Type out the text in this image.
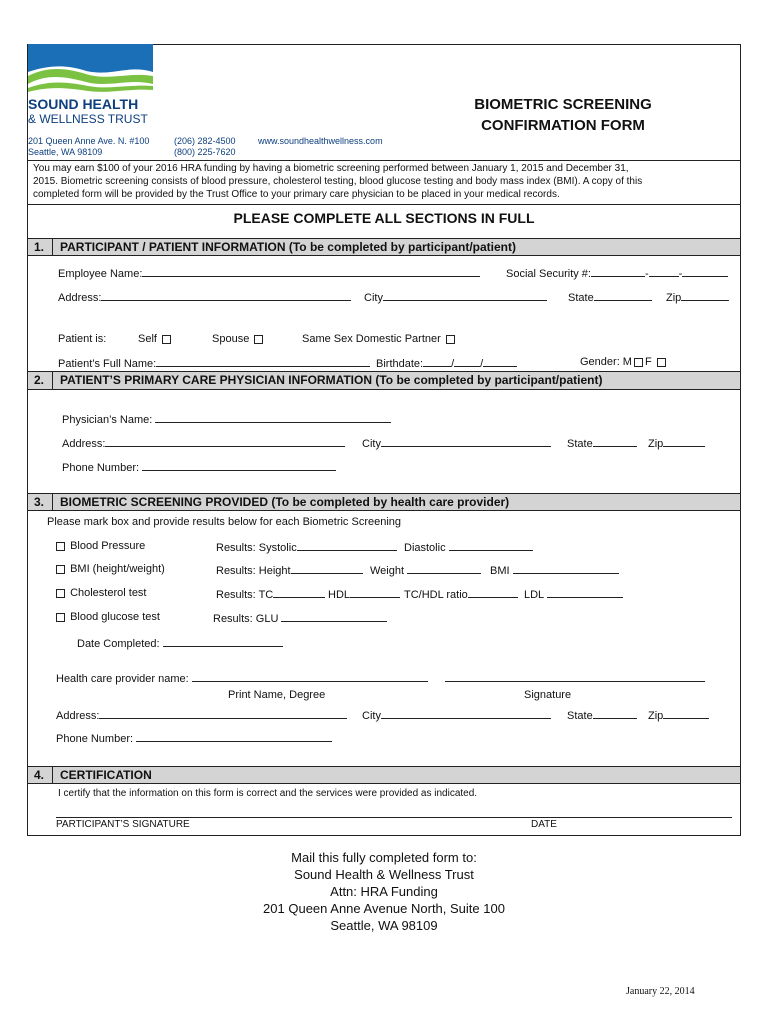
SOUND HEALTH
& WELLNESS TRUST
201 Queen Anne Ave. N. #100
Seattle, WA 98109
(206) 282-4500
(800) 225-7620
www.soundhealthwellness.com
BIOMETRIC SCREENING
CONFIRMATION FORM
You may earn $100 of your 2016 HRA funding by having a biometric screening performed between January 1, 2015 and December 31,
2015. Biometric screening consists of blood pressure, cholesterol testing, blood glucose testing and body mass index (BMI). A copy of this
completed form will be provided by the Trust Office to your primary care physician to be placed in your medical records.
PLEASE COMPLETE ALL SECTIONS IN FULL
1. PARTICIPANT / PATIENT INFORMATION (To be completed by participant/patient)
Employee Name:	Social Security #:	-	-
Address:	City	State	Zip
Patient is:	Self	Spouse	Same Sex Domestic Partner
Patient’s Full Name:	Birthdate:	/ /	Gender: M F
2. PATIENT’S PRIMARY CARE PHYSICIAN INFORMATION (To be completed by participant/patient)
Physician’s Name:
Address:	City	State	Zip
Phone Number:
3. BIOMETRIC SCREENING PROVIDED (To be completed by health care provider)
Please mark box and provide results below for each Biometric Screening
Blood Pressure	Results: Systolic	Diastolic
BMI (height/weight)	Results: Height	Weight	BMI
Cholesterol test	Results: TC	HDL	TC/HDL ratio	LDL
Blood glucose test	Results: GLU
Date Completed:
Health care provider name:
Print Name, Degree	Signature
Address:	City	State	Zip
Phone Number:
4. CERTIFICATION
I certify that the information on this form is correct and the services were provided as indicated.
PARTICIPANT’S SIGNATURE	DATE
Mail this fully completed form to:
Sound Health & Wellness Trust
Attn: HRA Funding
201 Queen Anne Avenue North, Suite 100
Seattle, WA 98109
January 22, 2014
